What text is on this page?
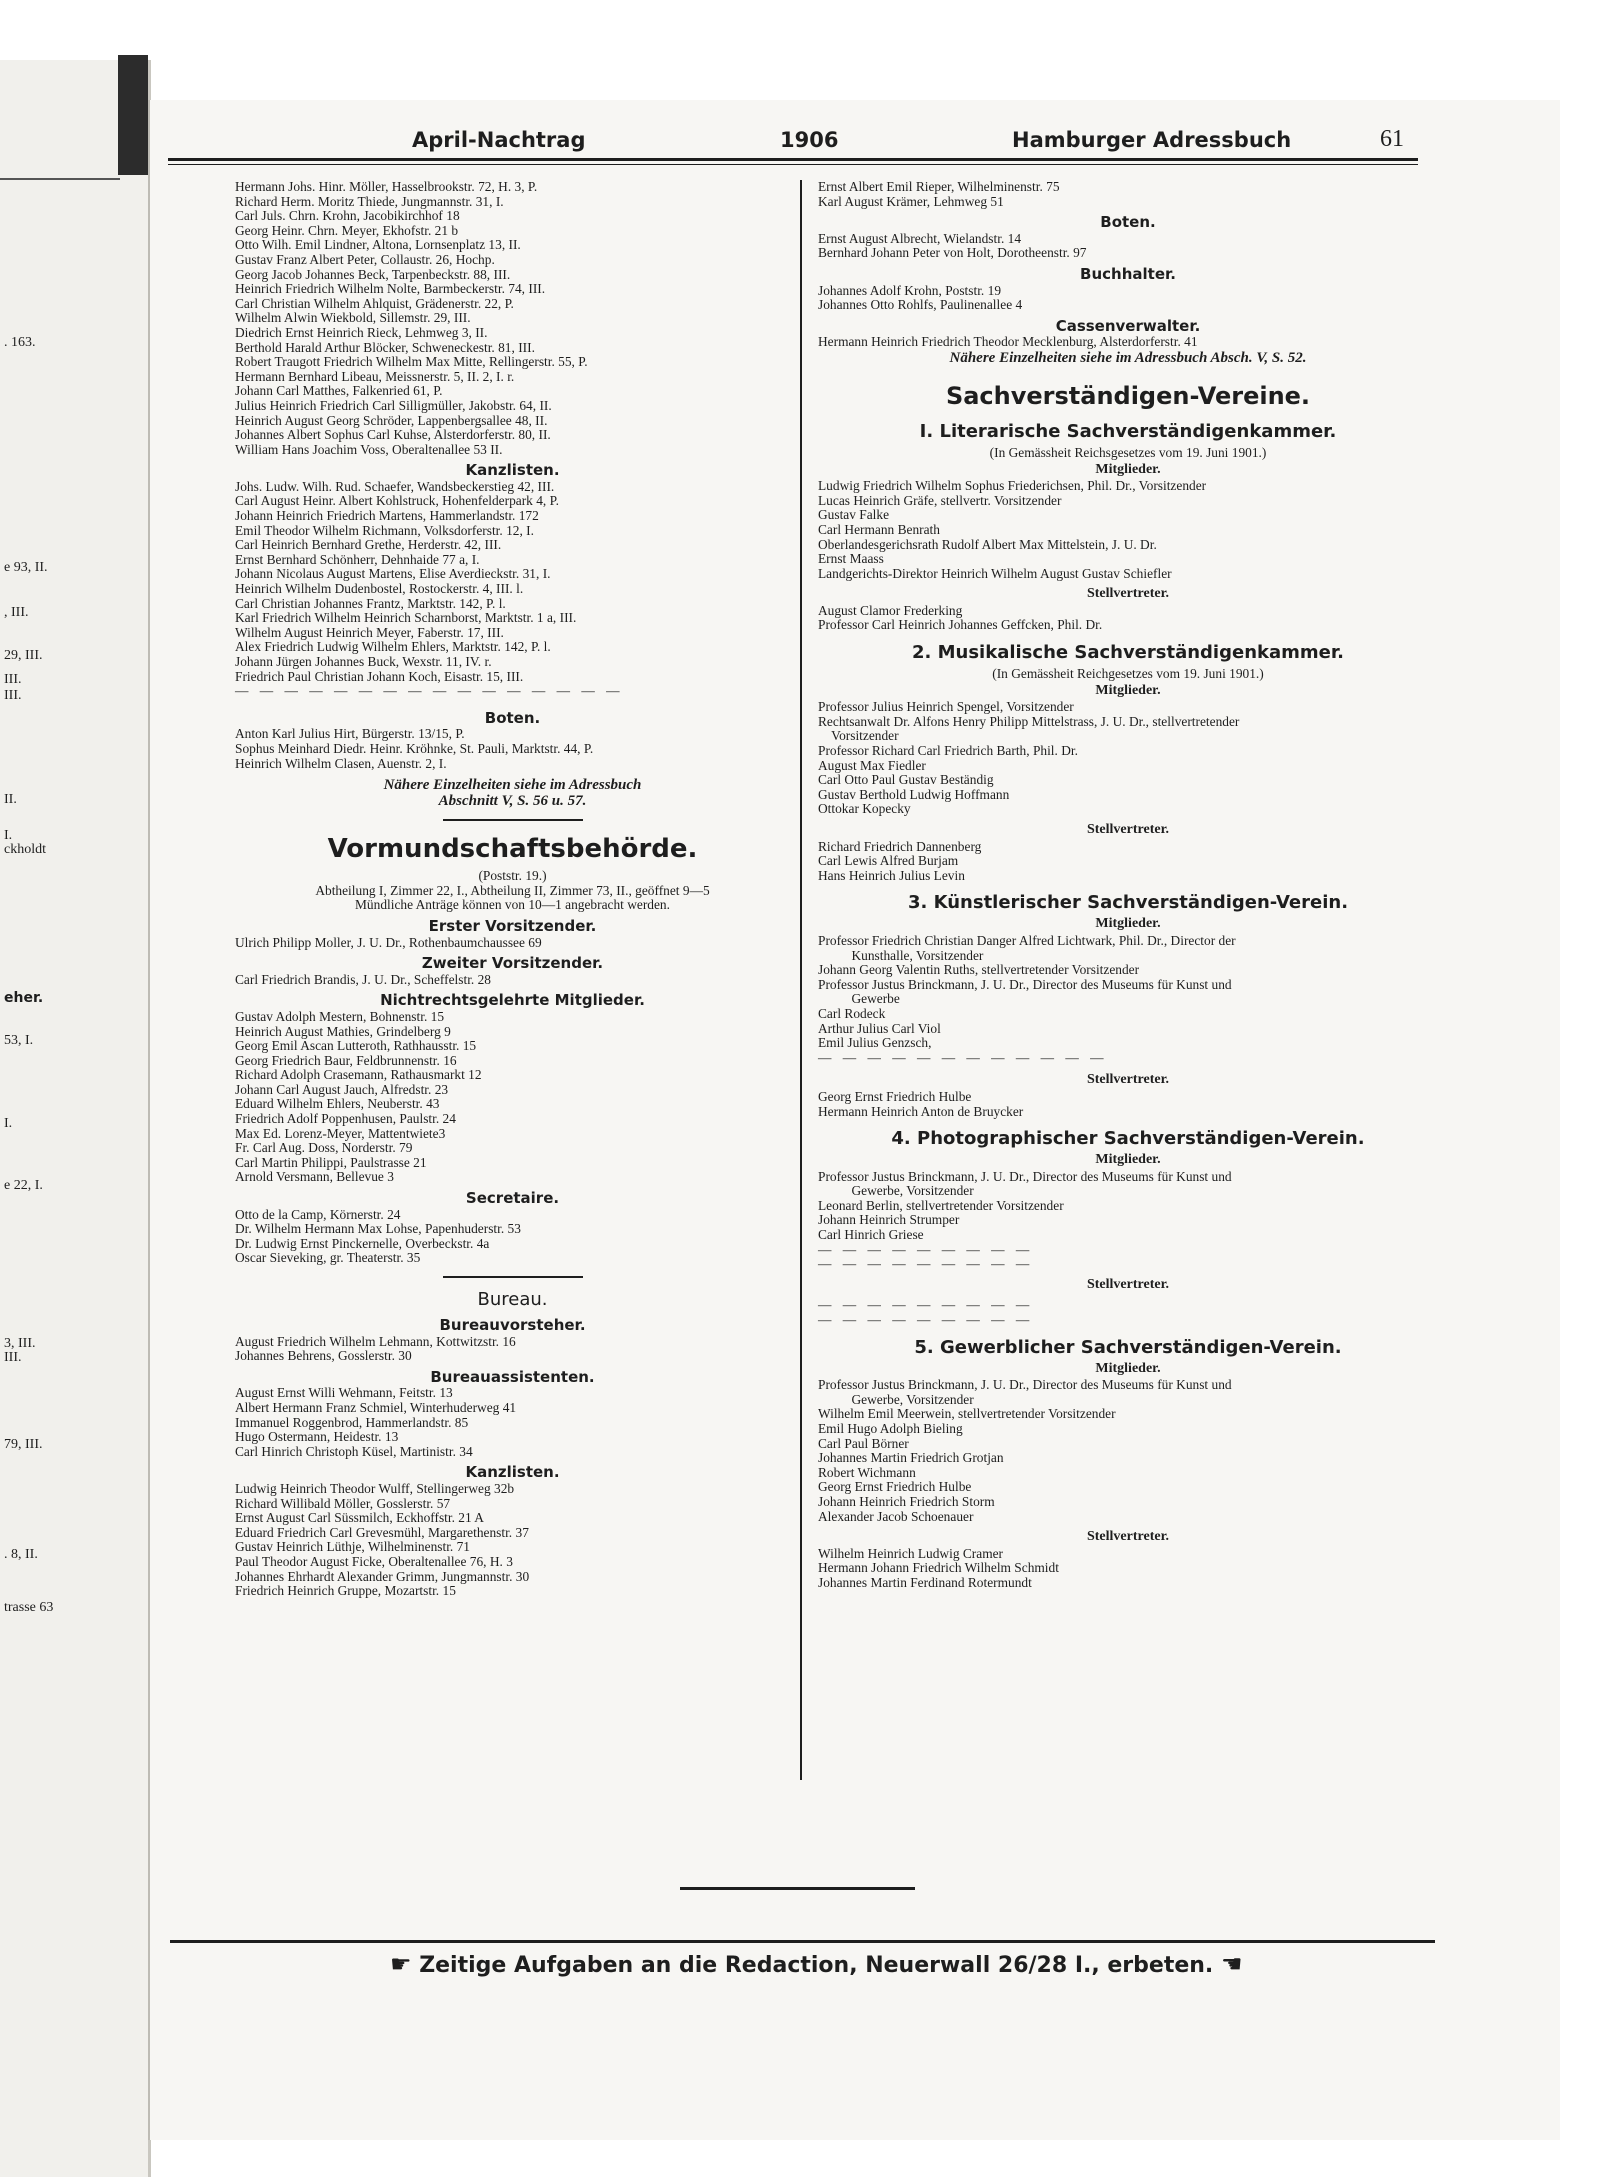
. 163.
e 93, II.
, III.
29, III.
III.
III.
II.
I.
ckholdt
eher.
53, I.
I.
e 22, I.
3, III.
III.
79, III.
. 8, II.
trasse 63
April-Nachtrag	1906	Hamburger Adressbuch	61

Hermann Johs. Hinr. Möller, Hasselbrookstr. 72, H. 3, P.

Richard Herm. Moritz Thiede, Jungmannstr. 31, I.

Carl Juls. Chrn. Krohn, Jacobikirchhof 18

Georg Heinr. Chrn. Meyer, Ekhofstr. 21 b

Otto Wilh. Emil Lindner, Altona, Lornsenplatz 13, II.

Gustav Franz Albert Peter, Collaustr. 26, Hochp.

Georg Jacob Johannes Beck, Tarpenbeckstr. 88, III.

Heinrich Friedrich Wilhelm Nolte, Barmbeckerstr. 74, III.

Carl Christian Wilhelm Ahlquist, Grädenerstr. 22, P.

Wilhelm Alwin Wiekbold, Sillemstr. 29, III.

Diedrich Ernst Heinrich Rieck, Lehmweg 3, II.

Berthold Harald Arthur Blöcker, Schweneckestr. 81, III.

Robert Traugott Friedrich Wilhelm Max Mitte, Rellingerstr. 55, P.

Hermann Bernhard Libeau, Meissnerstr. 5, II. 2, I. r.

Johann Carl Matthes, Falkenried 61, P.

Julius Heinrich Friedrich Carl Silligmüller, Jakobstr. 64, II.

Heinrich August Georg Schröder, Lappenbergsallee 48, II.

Johannes Albert Sophus Carl Kuhse, Alsterdorferstr. 80, II.

William Hans Joachim Voss, Oberaltenallee 53 II.

Kanzlisten.

Johs. Ludw. Wilh. Rud. Schaefer, Wandsbeckerstieg 42, III.

Carl August Heinr. Albert Kohlstruck, Hohenfelderpark 4, P.

Johann Heinrich Friedrich Martens, Hammerlandstr. 172

Emil Theodor Wilhelm Richmann, Volksdorferstr. 12, I.

Carl Heinrich Bernhard Grethe, Herderstr. 42, III.

Ernst Bernhard Schönherr, Dehnhaide 77 a, I.

Johann Nicolaus August Martens, Elise Averdieckstr. 31, I.

Heinrich Wilhelm Dudenbostel, Rostockerstr. 4, III. l.

Carl Christian Johannes Frantz, Marktstr. 142, P. l.

Karl Friedrich Wilhelm Heinrich Scharnborst, Marktstr. 1 a, III.

Wilhelm August Heinrich Meyer, Faberstr. 17, III.

Alex Friedrich Ludwig Wilhelm Ehlers, Marktstr. 142, P. l.

Johann Jürgen Johannes Buck, Wexstr. 11, IV. r.

Friedrich Paul Christian Johann Koch, Eisastr. 15, III.

— — — — — — — — — — — — — — — —

Boten.

Anton Karl Julius Hirt, Bürgerstr. 13/15, P.

Sophus Meinhard Diedr. Heinr. Kröhnke, St. Pauli, Marktstr. 44, P.

Heinrich Wilhelm Clasen, Auenstr. 2, I.

Nähere Einzelheiten siehe im Adressbuch

Abschnitt V, S. 56 u. 57.

Vormundschaftsbehörde.

(Poststr. 19.)

Abtheilung I, Zimmer 22, I., Abtheilung II, Zimmer 73, II., geöffnet 9—5

Mündliche Anträge können von 10—1 angebracht werden.

Erster Vorsitzender.

Ulrich Philipp Moller, J. U. Dr., Rothenbaumchaussee 69

Zweiter Vorsitzender.

Carl Friedrich Brandis, J. U. Dr., Scheffelstr. 28

Nichtrechtsgelehrte Mitglieder.

Gustav Adolph Mestern, Bohnenstr. 15

Heinrich August Mathies, Grindelberg 9

Georg Emil Ascan Lutteroth, Rathhausstr. 15

Georg Friedrich Baur, Feldbrunnenstr. 16

Richard Adolph Crasemann, Rathausmarkt 12

Johann Carl August Jauch, Alfredstr. 23

Eduard Wilhelm Ehlers, Neuberstr. 43

Friedrich Adolf Poppenhusen, Paulstr. 24

Max Ed. Lorenz-Meyer, Mattentwiete3

Fr. Carl Aug. Doss, Norderstr. 79

Carl Martin Philippi, Paulstrasse 21

Arnold Versmann, Bellevue 3

Secretaire.

Otto de la Camp, Körnerstr. 24

Dr. Wilhelm Hermann Max Lohse, Papenhuderstr. 53

Dr. Ludwig Ernst Pinckernelle, Overbeckstr. 4a

Oscar Sieveking, gr. Theaterstr. 35

Bureau.

Bureauvorsteher.

August Friedrich Wilhelm Lehmann, Kottwitzstr. 16

Johannes Behrens, Gosslerstr. 30

Bureauassistenten.

August Ernst Willi Wehmann, Feitstr. 13

Albert Hermann Franz Schmiel, Winterhuderweg 41

Immanuel Roggenbrod, Hammerlandstr. 85

Hugo Ostermann, Heidestr. 13

Carl Hinrich Christoph Küsel, Martinistr. 34

Kanzlisten.

Ludwig Heinrich Theodor Wulff, Stellingerweg 32b

Richard Willibald Möller, Gosslerstr. 57

Ernst August Carl Süssmilch, Eckhoffstr. 21 A

Eduard Friedrich Carl Grevesmühl, Margarethenstr. 37

Gustav Heinrich Lüthje, Wilhelminenstr. 71

Paul Theodor August Ficke, Oberaltenallee 76, H. 3

Johannes Ehrhardt Alexander Grimm, Jungmannstr. 30

Friedrich Heinrich Gruppe, Mozartstr. 15

Ernst Albert Emil Rieper, Wilhelminenstr. 75

Karl August Krämer, Lehmweg 51

Boten.

Ernst August Albrecht, Wielandstr. 14

Bernhard Johann Peter von Holt, Dorotheenstr. 97

Buchhalter.

Johannes Adolf Krohn, Poststr. 19

Johannes Otto Rohlfs, Paulinenallee 4

Cassenverwalter.

Hermann Heinrich Friedrich Theodor Mecklenburg, Alsterdorferstr. 41

Nähere Einzelheiten siehe im Adressbuch Absch. V, S. 52.

Sachverständigen-Vereine.

I. Literarische Sachverständigenkammer.

(In Gemässheit Reichsgesetzes vom 19. Juni 1901.)

Mitglieder.

Ludwig Friedrich Wilhelm Sophus Friederichsen, Phil. Dr., Vorsitzender

Lucas Heinrich Gräfe, stellvertr. Vorsitzender

Gustav Falke

Carl Hermann Benrath

Oberlandesgerichsrath Rudolf Albert Max Mittelstein, J. U. Dr.

Ernst Maass

Landgerichts-Direktor Heinrich Wilhelm August Gustav Schiefler

Stellvertreter.

August Clamor Frederking

Professor Carl Heinrich Johannes Geffcken, Phil. Dr.

2. Musikalische Sachverständigenkammer.

(In Gemässheit Reichgesetzes vom 19. Juni 1901.)

Mitglieder.

Professor Julius Heinrich Spengel, Vorsitzender

Rechtsanwalt Dr. Alfons Henry Philipp Mittelstrass, J. U. Dr., stellvertretender

Vorsitzender

Professor Richard Carl Friedrich Barth, Phil. Dr.

August Max Fiedler

Carl Otto Paul Gustav Beständig

Gustav Berthold Ludwig Hoffmann

Ottokar Kopecky

Stellvertreter.

Richard Friedrich Dannenberg

Carl Lewis Alfred Burjam

Hans Heinrich Julius Levin

3. Künstlerischer Sachverständigen-Verein.

Mitglieder.

Professor Friedrich Christian Danger Alfred Lichtwark, Phil. Dr., Director der

Kunsthalle, Vorsitzender

Johann Georg Valentin Ruths, stellvertretender Vorsitzender

Professor Justus Brinckmann, J. U. Dr., Director des Museums für Kunst und

Gewerbe

Carl Rodeck

Arthur Julius Carl Viol

Emil Julius Genzsch,

— — — — — — — — — — — —

Stellvertreter.

Georg Ernst Friedrich Hulbe

Hermann Heinrich Anton de Bruycker

4. Photographischer Sachverständigen-Verein.

Mitglieder.

Professor Justus Brinckmann, J. U. Dr., Director des Museums für Kunst und

Gewerbe, Vorsitzender

Leonard Berlin, stellvertretender Vorsitzender

Johann Heinrich Strumper

Carl Hinrich Griese

— — — — — — — — —

— — — — — — — — —

Stellvertreter.

— — — — — — — — —

— — — — — — — — —

5. Gewerblicher Sachverständigen-Verein.

Mitglieder.

Professor Justus Brinckmann, J. U. Dr., Director des Museums für Kunst und

Gewerbe, Vorsitzender

Wilhelm Emil Meerwein, stellvertretender Vorsitzender

Emil Hugo Adolph Bieling

Carl Paul Börner

Johannes Martin Friedrich Grotjan

Robert Wichmann

Georg Ernst Friedrich Hulbe

Johann Heinrich Friedrich Storm

Alexander Jacob Schoenauer

Stellvertreter.

Wilhelm Heinrich Ludwig Cramer

Hermann Johann Friedrich Wilhelm Schmidt

Johannes Martin Ferdinand Rotermundt

☛ Zeitige Aufgaben an die Redaction, Neuerwall 26/28 I., erbeten. ☚
